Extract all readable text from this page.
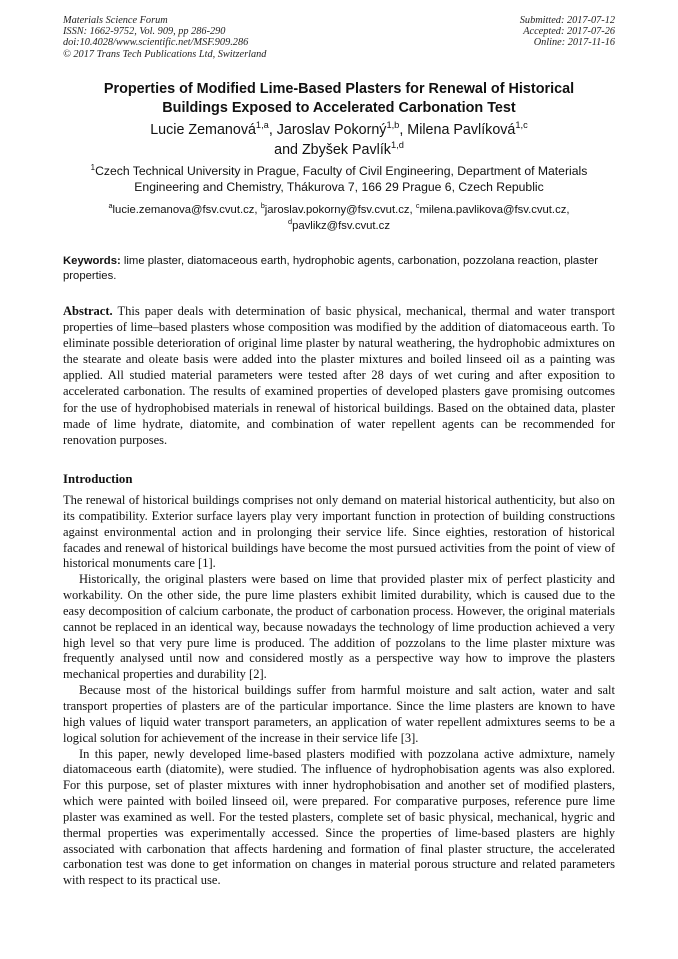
Materials Science Forum
ISSN: 1662-9752, Vol. 909, pp 286-290
doi:10.4028/www.scientific.net/MSF.909.286
© 2017 Trans Tech Publications Ltd, Switzerland
Submitted: 2017-07-12
Accepted: 2017-07-26
Online: 2017-11-16
Properties of Modified Lime-Based Plasters for Renewal of Historical
Buildings Exposed to Accelerated Carbonation Test
Lucie Zemanová$^{1,a}$, Jaroslav Pokorný$^{1,b}$, Milena Pavlíková$^{1,c}$
and Zbyšek Pavlík$^{1,d}$
$^1$Czech Technical University in Prague, Faculty of Civil Engineering, Department of Materials
Engineering and Chemistry, Thákurova 7, 166 29 Prague 6, Czech Republic
$^a$lucie.zemanova@fsv.cvut.cz, $^b$jaroslav.pokorny@fsv.cvut.cz, $^c$milena.pavlikova@fsv.cvut.cz,
$^d$pavlikz@fsv.cvut.cz
Keywords: lime plaster, diatomaceous earth, hydrophobic agents, carbonation, pozzolana reaction, plaster properties.
Abstract. This paper deals with determination of basic physical, mechanical, thermal and water transport properties of lime–based plasters whose composition was modified by the addition of diatomaceous earth. To eliminate possible deterioration of original lime plaster by natural weathering, the hydrophobic admixtures on the stearate and oleate basis were added into the plaster mixtures and boiled linseed oil as a painting was applied. All studied material parameters were tested after 28 days of wet curing and after exposition to accelerated carbonation. The results of examined properties of developed plasters gave promising outcomes for the use of hydrophobised materials in renewal of historical buildings. Based on the obtained data, plaster made of lime hydrate, diatomite, and combination of water repellent agents can be recommended for renovation purposes.
Introduction

The renewal of historical buildings comprises not only demand on material historical authenticity, but also on its compatibility. Exterior surface layers play very important function in protection of building constructions against environmental action and in prolonging their service life. Since eighties, restoration of historical facades and renewal of historical buildings have become the most pursued activities from the point of view of historical monuments care [1].

Historically, the original plasters were based on lime that provided plaster mix of perfect plasticity and workability. On the other side, the pure lime plasters exhibit limited durability, which is caused due to the easy decomposition of calcium carbonate, the product of carbonation process. However, the original materials cannot be replaced in an identical way, because nowadays the technology of lime production achieved a very high level so that very pure lime is produced. The addition of pozzolans to the lime plaster mixture was frequently analysed until now and considered mostly as a perspective way how to improve the plasters mechanical properties and durability [2].

Because most of the historical buildings suffer from harmful moisture and salt action, water and salt transport properties of plasters are of the particular importance. Since the lime plasters are known to have high values of liquid water transport parameters, an application of water repellent admixtures seems to be a logical solution for achievement of the increase in their service life [3].

In this paper, newly developed lime-based plasters modified with pozzolana active admixture, namely diatomaceous earth (diatomite), were studied. The influence of hydrophobisation agents was also explored. For this purpose, set of plaster mixtures with inner hydrophobisation and another set of modified plasters, which were painted with boiled linseed oil, were prepared. For comparative purposes, reference pure lime plaster was examined as well. For the tested plasters, complete set of basic physical, mechanical, hygric and thermal properties was experimentally accessed. Since the properties of lime-based plasters are highly associated with carbonation that affects hardening and formation of final plaster structure, the accelerated carbonation test was done to get information on changes in material porous structure and related parameters with respect to its practical use.
